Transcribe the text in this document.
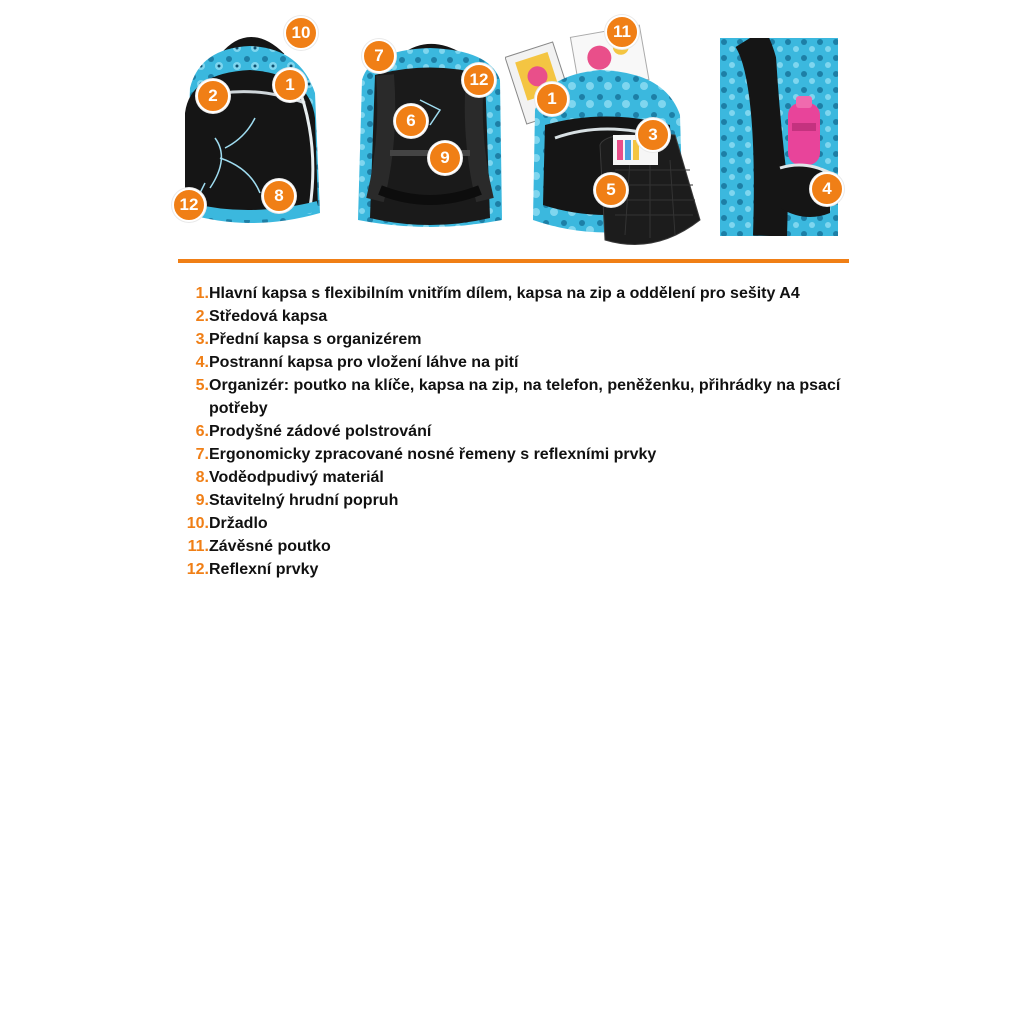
10
2
1
12	8
7
12
6
9
11
1
3
5	4
1. Hlavní kapsa s flexibilním vnitřím dílem, kapsa na zip a oddělení pro sešity A4
2. Středová kapsa
3. Přední kapsa s organizérem
4. Postranní kapsa pro vložení láhve na pití
5. Organizér: poutko na klíče, kapsa na zip, na telefon, peněženku, přihrádky na psací potřeby
6. Prodyšné zádové polstrování
7. Ergonomicky zpracované nosné řemeny s reflexními prvky
8. Voděodpudivý materiál
9. Stavitelný hrudní popruh
10. Držadlo
11. Závěsné poutko
12. Reflexní prvky
